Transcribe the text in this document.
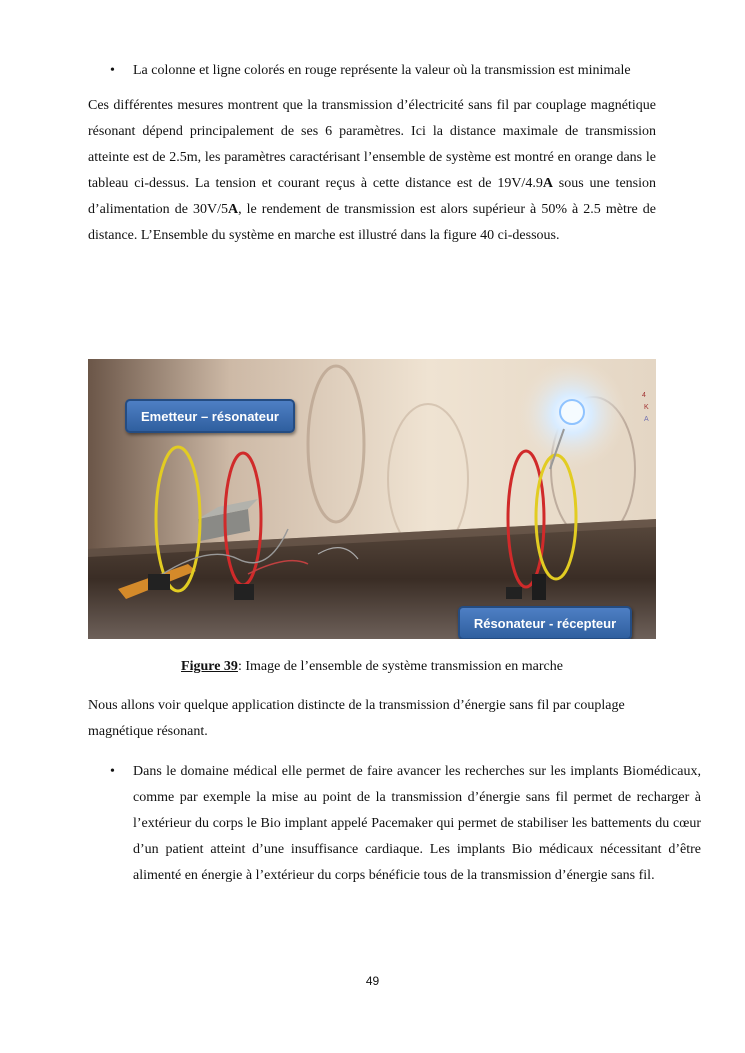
• La colonne et ligne colorés en rouge représente la valeur où la transmission est minimale

Ces différentes mesures montrent que la transmission d’électricité sans fil par couplage magnétique résonant dépend principalement de ses 6 paramètres. Ici la distance maximale de transmission atteinte est de 2.5m, les paramètres caractérisant l’ensemble de système est montré en orange dans le tableau ci-dessus. La tension et courant reçus à cette distance est de 19V/4.9A sous une tension d’alimentation de 30V/5A, le rendement de transmission est alors supérieur à 50% à 2.5 mètre de distance. L’Ensemble du système en marche est illustré dans la figure 40 ci-dessous.

4
K
A
Emetteur – résonateur
Résonateur - récepteur
Figure 39: Image de l’ensemble de système transmission en marche

Nous allons voir quelque application distincte de la transmission d’énergie sans fil par couplage magnétique résonant.

• Dans le domaine médical elle permet de faire avancer les recherches sur les implants Biomédicaux, comme par exemple la mise au point de la transmission d’énergie sans fil permet de recharger à l’extérieur du corps le Bio implant appelé Pacemaker qui permet de stabiliser les battements du cœur d’un patient atteint d’une insuffisance cardiaque. Les implants Bio médicaux nécessitant d’être alimenté en énergie à l’extérieur du corps bénéficie tous de la transmission d’énergie sans fil.

49
